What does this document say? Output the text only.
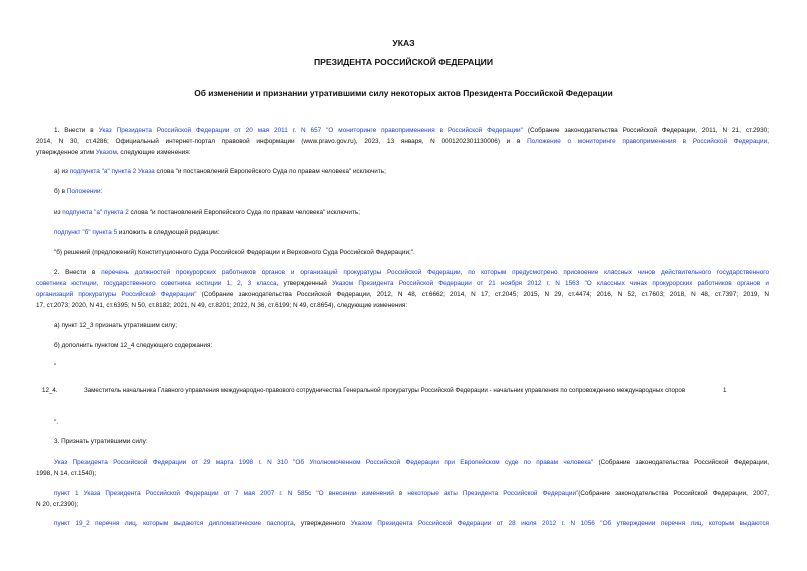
УКАЗ
ПРЕЗИДЕНТА РОССИЙСКОЙ ФЕДЕРАЦИИ
Об изменении и признании утратившими силу некоторых актов Президента Российской Федерации
1. Внести в Указ Президента Российской Федерации от 20 мая 2011 г. N 657 "О мониторинге правоприменения в Российской Федерации" (Собрание законодательства Российской Федерации, 2011, N 21, ст.2930;
2014, N 30, ст.4286; Официальный интернет-портал правовой информации (www.pravo.gov.ru), 2023, 13 января, N 0001202301130006) и в Положение о мониторинге правоприменения в Российской Федерации,
утвержденное этим Указом, следующие изменения:
а) из подпункта "а" пункта 2 Указа слова "и постановлений Европейского Суда по правам человека" исключить;
б) в Положении:
из подпункта "а" пункта 2 слова "и постановлений Европейского Суда по правам человека" исключить;
подпункт "б" пункта 5 изложить в следующей редакции:
"б) решений (предложений) Конституционного Суда Российской Федерации и Верховного Суда Российской Федерации;".
2. Внести в перечень должностей прокурорских работников органов и организаций прокуратуры Российской Федерации, по которым предусмотрено присвоение классных чинов действительного государственного
советника юстиции, государственного советника юстиции 1, 2, 3 класса, утвержденный Указом Президента Российской Федерации от 21 ноября 2012 г. N 1563 "О классных чинах прокурорских работников органов и
организаций прокуратуры Российской Федерации" (Собрание законодательства Российской Федерации, 2012, N 48, ст.6662; 2014, N 17, ст.2045; 2015, N 29, ст.4474; 2016, N 52, ст.7603; 2018, N 48, ст.7397; 2019, N
17, ст.2073; 2020, N 41, ст.6395; N 50, ст.8182; 2021, N 49, ст.8201; 2022, N 36, ст.6199; N 49, ст.8654), следующие изменения:
а) пункт 12_3 признать утратившим силу;
б) дополнить пунктом 12_4 следующего содержания:
"
12_4.	Заместитель начальника Главного управления международно-правового сотрудничества Генеральной прокуратуры Российской Федерации - начальник управления по сопровождению международных споров	1
".
3. Признать утратившими силу:
Указ Президента Российской Федерации от 29 марта 1998 г. N 310 "Об Уполномоченном Российской Федерации при Европейском суде по правам человека" (Собрание законодательства Российской Федерации,
1998, N 14, ст.1540);
пункт 1 Указа Президента Российской Федерации от 7 мая 2007 г. N 585с "О внесении изменений в некоторые акты Президента Российской Федерации"(Собрание законодательства Российской Федерации, 2007,
N 20, ст.2390);
пункт 19_2 перечня лиц, которым выдаются дипломатические паспорта, утвержденного Указом Президента Российской Федерации от 28 июля 2012 г. N 1056 "Об утверждении перечня лиц, которым выдаются
